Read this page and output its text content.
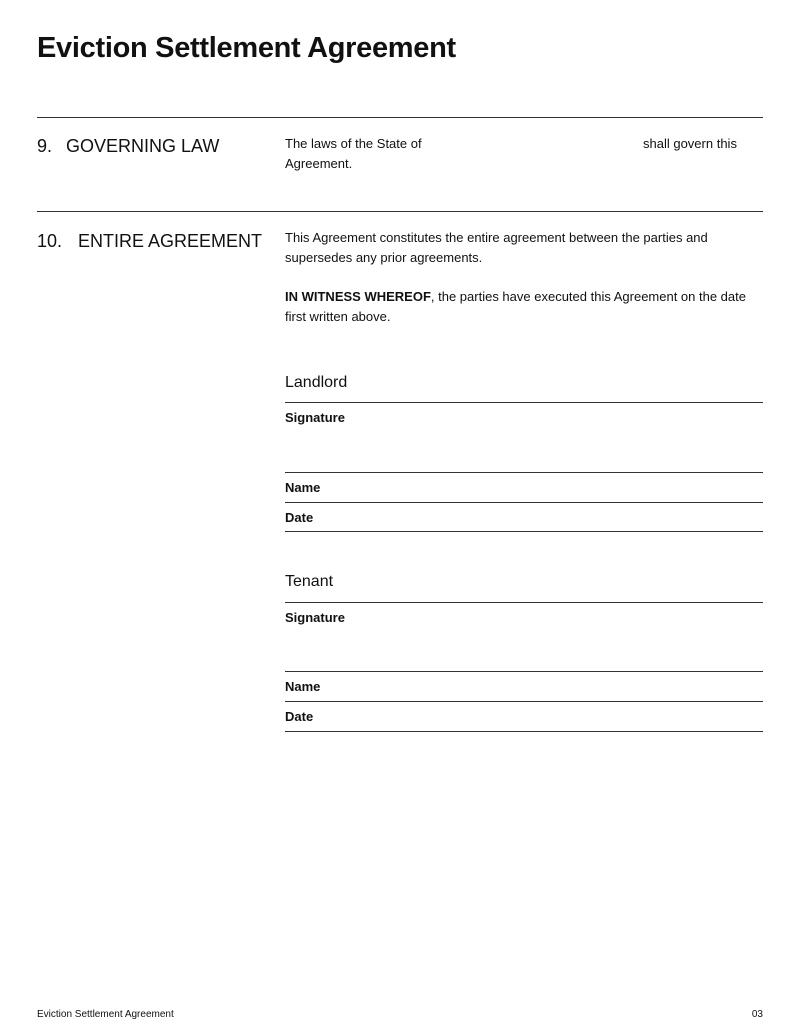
Eviction Settlement Agreement
9. GOVERNING LAW	The laws of the State of	shall govern this

Agreement.

10. ENTIRE AGREEMENT This Agreement constitutes the entire agreement between the parties and supersedes any prior agreements.

IN WITNESS WHEREOF, the parties have executed this Agreement on the date first written above.

Landlord

Signature

Name

Date

Tenant

Signature

Name

Date

Eviction Settlement Agreement	03
